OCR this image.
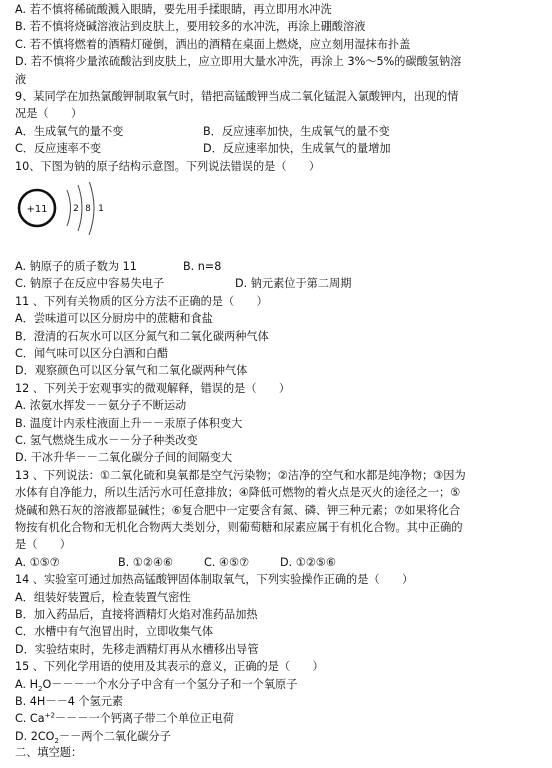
A. 若不慎将稀硫酸溅入眼睛，要先用手揉眼睛，再立即用水冲洗
B. 若不慎将烧碱溶液沾到皮肤上，要用较多的水冲洗，再涂上硼酸溶液
C. 若不慎将燃着的酒精灯碰倒，洒出的酒精在桌面上燃烧，应立刻用湿抹布扑盖
D. 若不慎将少量浓硫酸沾到皮肤上，应立即用大量水冲洗，再涂上 3%～5%的碳酸氢钠溶
液
9、某同学在加热氯酸钾制取氧气时，错把高锰酸钾当成二氧化锰混入氯酸钾内，出现的情
况是（　　）
A．生成氧气的量不变	B．反应速率加快，生成氧气的量不变
C．反应速率不变	D．反应速率加快，生成氧气的量增加
10、下图为钠的原子结构示意图。下列说法错误的是（　　）
+11	2 8 1
A. 钠原子的质子数为 11	B. n=8
C. 钠原子在反应中容易失电子	D. 钠元素位于第二周期
11 、下列有关物质的区分方法不正确的是（　　）
A．尝味道可以区分厨房中的蔗糖和食盐
B．澄清的石灰水可以区分氮气和二氧化碳两种气体
C．闻气味可以区分白酒和白醋
D．观察颜色可以区分氧气和二氧化碳两种气体
12 、下列关于宏观事实的微观解释，错误的是（　　）
A. 浓氨水挥发－－氨分子不断运动
B. 温度计内汞柱液面上升－－汞原子体积变大
C. 氢气燃烧生成水－－分子种类改变
D. 干冰升华－－二氧化碳分子间的间隔变大
13 、下列说法：①二氧化硫和臭氧都是空气污染物；②洁净的空气和水都是纯净物；③因为
水体有自净能力，所以生活污水可任意排放；④降低可燃物的着火点是灭火的途径之一；⑤
烧碱和熟石灰的溶液都显碱性；⑥复合肥中一定要含有氮、磷、钾三种元素；⑦如果将化合
物按有机化合物和无机化合物两大类划分，则葡萄糖和尿素应属于有机化合物。其中正确的
是（　　）
A. ①⑤⑦	B. ①②④⑥	C. ④⑤⑦	D. ①②⑤⑥
14 、实验室可通过加热高锰酸钾固体制取氧气，下列实验操作正确的是（　　）
A．组装好装置后，检查装置气密性
B．加入药品后，直接将酒精灯火焰对准药品加热
C．水槽中有气泡冒出时，立即收集气体
D．实验结束时，先移走酒精灯再从水槽移出导管
15 、下列化学用语的使用及其表示的意义，正确的是（　　）
A. $H_2O---$一个水分子中含有一个氢分子和一个氧原子
B. 4H－－4 个氢元素
C. $Ca^{+2}---$一个钙离子带二个单位正电荷
D. $2CO_2--$两个二氧化碳分子
二、填空题：
